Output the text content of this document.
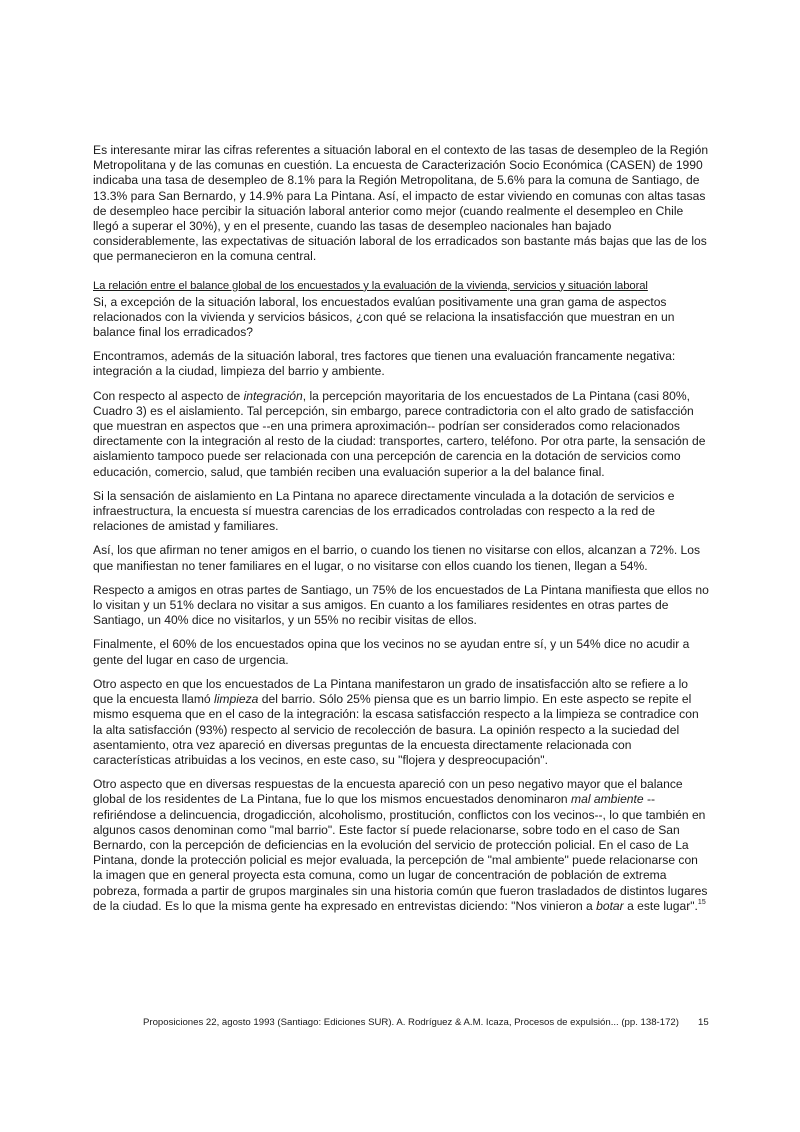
Es interesante mirar las cifras referentes a situación laboral en el contexto de las tasas de desempleo de la Región Metropolitana y de las comunas en cuestión. La encuesta de Caracterización Socio Económica (CASEN) de 1990 indicaba una tasa de desempleo de 8.1% para la Región Metropolitana, de 5.6% para la comuna de Santiago, de 13.3% para San Bernardo, y 14.9% para La Pintana. Así, el impacto de estar viviendo en comunas con altas tasas de desempleo hace percibir la situación laboral anterior como mejor (cuando realmente el desempleo en Chile llegó a superar el 30%), y en el presente, cuando las tasas de desempleo nacionales han bajado considerablemente, las expectativas de situación laboral de los erradicados son bastante más bajas que las de los que permanecieron en la comuna central.

La relación entre el balance global de los encuestados y la evaluación de la vivienda, servicios y situación laboral

Si, a excepción de la situación laboral, los encuestados evalúan positivamente una gran gama de aspectos relacionados con la vivienda y servicios básicos, ¿con qué se relaciona la insatisfacción que muestran en un balance final los erradicados?

Encontramos, además de la situación laboral, tres factores que tienen una evaluación francamente negativa: integración a la ciudad, limpieza del barrio y ambiente.

Con respecto al aspecto de integración, la percepción mayoritaria de los encuestados de La Pintana (casi 80%, Cuadro 3) es el aislamiento. Tal percepción, sin embargo, parece contradictoria con el alto grado de satisfacción que muestran en aspectos que --en una primera aproximación-- podrían ser considerados como relacionados directamente con la integración al resto de la ciudad: transportes, cartero, teléfono. Por otra parte, la sensación de aislamiento tampoco puede ser relacionada con una percepción de carencia en la dotación de servicios como educación, comercio, salud, que también reciben una evaluación superior a la del balance final.

Si la sensación de aislamiento en La Pintana no aparece directamente vinculada a la dotación de servicios e infraestructura, la encuesta sí muestra carencias de los erradicados controladas con respecto a la red de relaciones de amistad y familiares.

Así, los que afirman no tener amigos en el barrio, o cuando los tienen no visitarse con ellos, alcanzan a 72%. Los que manifiestan no tener familiares en el lugar, o no visitarse con ellos cuando los tienen, llegan a 54%.

Respecto a amigos en otras partes de Santiago, un 75% de los encuestados de La Pintana manifiesta que ellos no lo visitan y un 51% declara no visitar a sus amigos. En cuanto a los familiares residentes en otras partes de Santiago, un 40% dice no visitarlos, y un 55% no recibir visitas de ellos.

Finalmente, el 60% de los encuestados opina que los vecinos no se ayudan entre sí, y un 54% dice no acudir a gente del lugar en caso de urgencia.

Otro aspecto en que los encuestados de La Pintana manifestaron un grado de insatisfacción alto se refiere a lo que la encuesta llamó limpieza del barrio. Sólo 25% piensa que es un barrio limpio. En este aspecto se repite el mismo esquema que en el caso de la integración: la escasa satisfacción respecto a la limpieza se contradice con la alta satisfacción (93%) respecto al servicio de recolección de basura. La opinión respecto a la suciedad del asentamiento, otra vez apareció en diversas preguntas de la encuesta directamente relacionada con características atribuidas a los vecinos, en este caso, su "flojera y despreocupación".

Otro aspecto que en diversas respuestas de la encuesta apareció con un peso negativo mayor que el balance global de los residentes de La Pintana, fue lo que los mismos encuestados denominaron mal ambiente --refiriéndose a delincuencia, drogadicción, alcoholismo, prostitución, conflictos con los vecinos--, lo que también en algunos casos denominan como "mal barrio". Este factor sí puede relacionarse, sobre todo en el caso de San Bernardo, con la percepción de deficiencias en la evolución del servicio de protección policial. En el caso de La Pintana, donde la protección policial es mejor evaluada, la percepción de "mal ambiente" puede relacionarse con la imagen que en general proyecta esta comuna, como un lugar de concentración de población de extrema pobreza, formada a partir de grupos marginales sin una historia común que fueron trasladados de distintos lugares de la ciudad. Es lo que la misma gente ha expresado en entrevistas diciendo: "Nos vinieron a botar a este lugar".$^{15}$

Proposiciones 22, agosto 1993 (Santiago: Ediciones SUR). A. Rodríguez & A.M. Icaza, Procesos de expulsión... (pp. 138-172) 15
